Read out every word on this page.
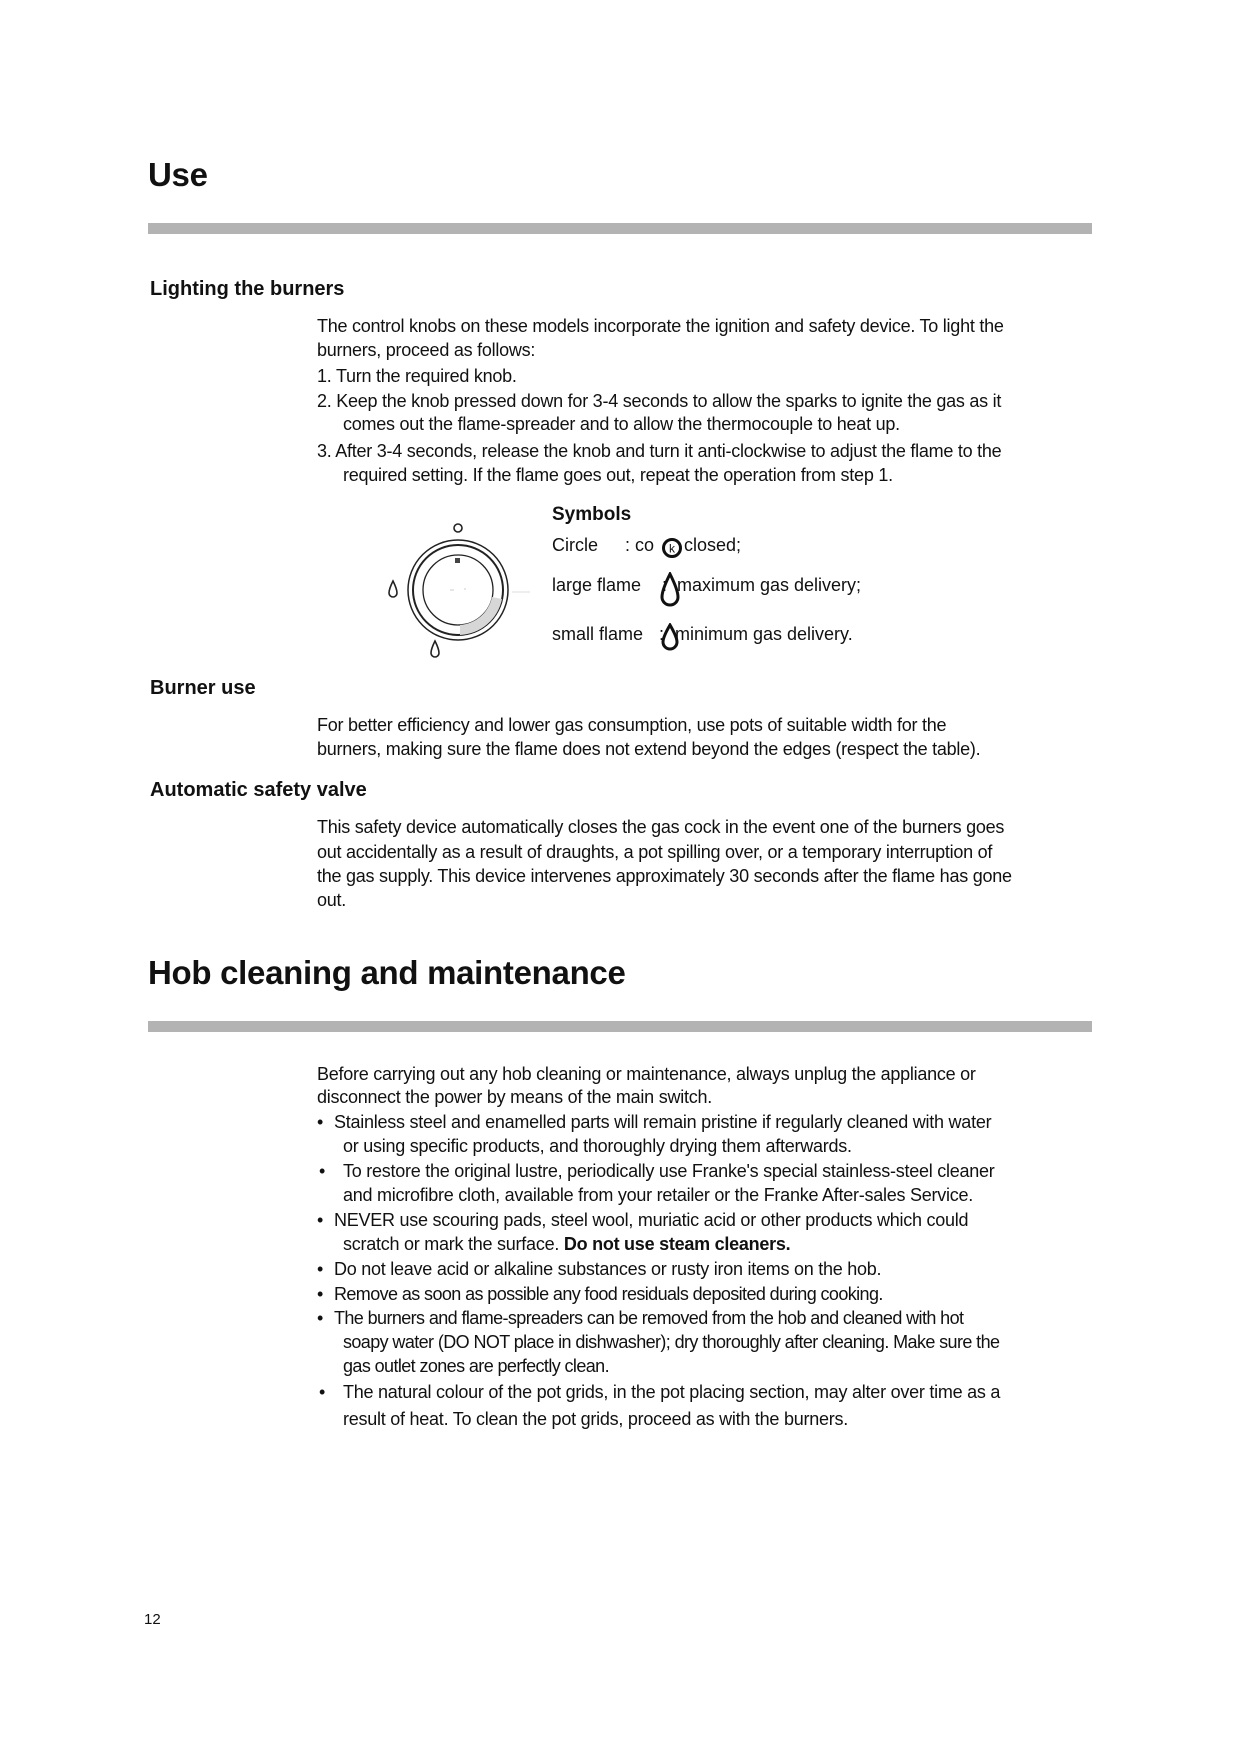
Use
Lighting the burners
The control knobs on these models incorporate the ignition and safety device. To light the
burners, proceed as follows:
1. Turn the required knob.
2. Keep the knob pressed down for 3-4 seconds to allow the sparks to ignite the gas as it
comes out the flame-spreader and to allow the thermocouple to heat up.
3. After 3-4 seconds, release the knob and turn it anti-clockwise to adjust the flame to the
required setting. If the flame goes out, repeat the operation from step 1.
Symbols
Circle : co k closed;
large flame : maximum gas delivery;
small flame : minimum gas delivery.
Burner use
For better efficiency and lower gas consumption, use pots of suitable width for the
burners, making sure the flame does not extend beyond the edges (respect the table).
Automatic safety valve
This safety device automatically closes the gas cock in the event one of the burners goes
out accidentally as a result of draughts, a pot spilling over, or a temporary interruption of
the gas supply. This device intervenes approximately 30 seconds after the flame has gone
out.
Hob cleaning and maintenance
Before carrying out any hob cleaning or maintenance, always unplug the appliance or
disconnect the power by means of the main switch.
• Stainless steel and enamelled parts will remain pristine if regularly cleaned with water
or using specific products, and thoroughly drying them afterwards.
• To restore the original lustre, periodically use Franke's special stainless-steel cleaner
and microfibre cloth, available from your retailer or the Franke After-sales Service.
• NEVER use scouring pads, steel wool, muriatic acid or other products which could
scratch or mark the surface. Do not use steam cleaners.
• Do not leave acid or alkaline substances or rusty iron items on the hob.
• Remove as soon as possible any food residuals deposited during cooking.
• The burners and flame-spreaders can be removed from the hob and cleaned with hot
soapy water (DO NOT place in dishwasher); dry thoroughly after cleaning. Make sure the
gas outlet zones are perfectly clean.
• The natural colour of the pot grids, in the pot placing section, may alter over time as a
result of heat. To clean the pot grids, proceed as with the burners.
12
